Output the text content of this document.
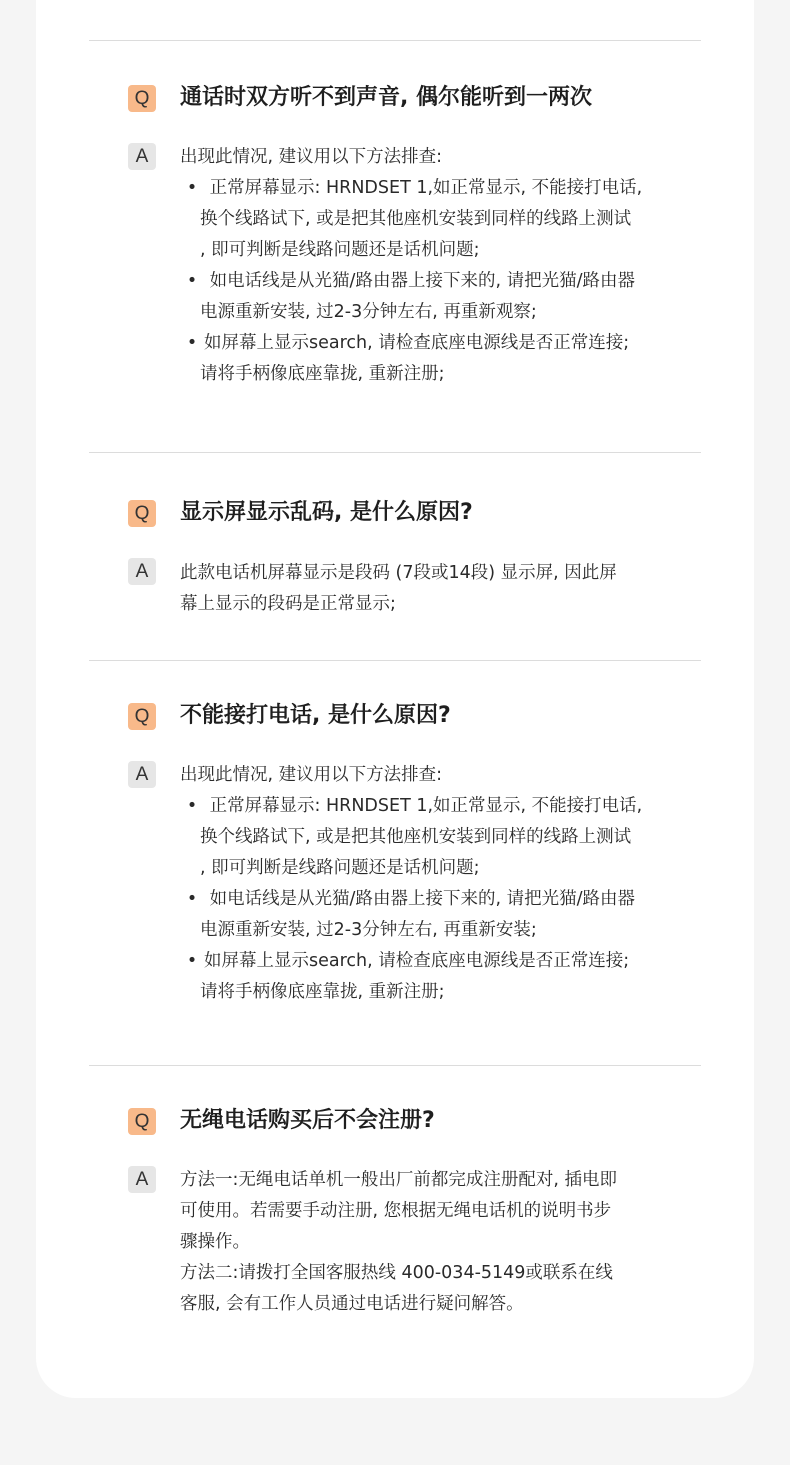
Q	通话时双方听不到声音, 偶尔能听到一两次
A	出现此情况, 建议用以下方法排查:
• 正常屏幕显示: HRNDSET 1,如正常显示, 不能接打电话,
换个线路试下, 或是把其他座机安装到同样的线路上测试
, 即可判断是线路问题还是话机问题;
• 如电话线是从光猫/路由器上接下来的, 请把光猫/路由器
电源重新安装, 过2-3分钟左右, 再重新观察;
• 如屏幕上显示search, 请检查底座电源线是否正常连接;
请将手柄像底座靠拢, 重新注册;
Q	显示屏显示乱码, 是什么原因?
A	此款电话机屏幕显示是段码 (7段或14段) 显示屏, 因此屏
幕上显示的段码是正常显示;
Q	不能接打电话, 是什么原因?
A	出现此情况, 建议用以下方法排查:
• 正常屏幕显示: HRNDSET 1,如正常显示, 不能接打电话,
换个线路试下, 或是把其他座机安装到同样的线路上测试
, 即可判断是线路问题还是话机问题;
• 如电话线是从光猫/路由器上接下来的, 请把光猫/路由器
电源重新安装, 过2-3分钟左右, 再重新安装;
• 如屏幕上显示search, 请检查底座电源线是否正常连接;
请将手柄像底座靠拢, 重新注册;
Q	无绳电话购买后不会注册?
A	方法一:无绳电话单机一般出厂前都完成注册配对, 插电即
可使用。若需要手动注册, 您根据无绳电话机的说明书步
骤操作。
方法二:请拨打全国客服热线 400-034-5149或联系在线
客服, 会有工作人员通过电话进行疑问解答。
